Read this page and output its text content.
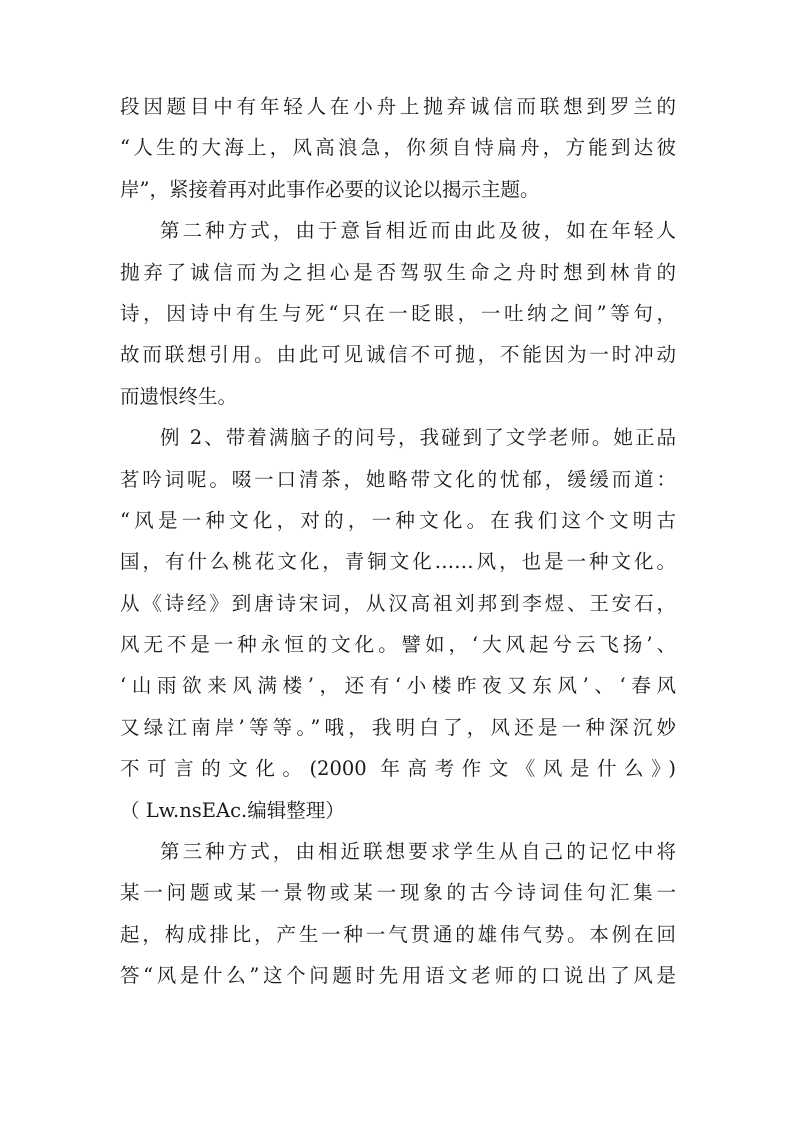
段因题目中有年轻人在小舟上抛弃诚信而联想到罗兰的
“人生的大海上，风高浪急，你须自恃扁舟，方能到达彼
岸”，紧接着再对此事作必要的议论以揭示主题。
第二种方式，由于意旨相近而由此及彼，如在年轻人
抛弃了诚信而为之担心是否驾驭生命之舟时想到林肯的
诗，因诗中有生与死“只在一眨眼，一吐纳之间”等句，
故而联想引用。由此可见诚信不可抛，不能因为一时冲动
而遗恨终生。
例 2、带着满脑子的问号，我碰到了文学老师。她正品
茗吟词呢。啜一口清茶，她略带文化的忧郁，缓缓而道：
“风是一种文化，对的，一种文化。在我们这个文明古
国，有什么桃花文化，青铜文化……风，也是一种文化。
从《诗经》到唐诗宋词，从汉高祖刘邦到李煜、王安石，
风无不是一种永恒的文化。譬如，‘大风起兮云飞扬’、
‘山雨欲来风满楼’，还有‘小楼昨夜又东风’、‘春风
又绿江南岸’等等。”哦，我明白了，风还是一种深沉妙
不可言的文化。(2000 年高考作文《风是什么》)
（ Lw.nsEAc.编辑整理）
第三种方式，由相近联想要求学生从自己的记忆中将
某一问题或某一景物或某一现象的古今诗词佳句汇集一
起，构成排比，产生一种一气贯通的雄伟气势。本例在回
答“风是什么”这个问题时先用语文老师的口说出了风是
